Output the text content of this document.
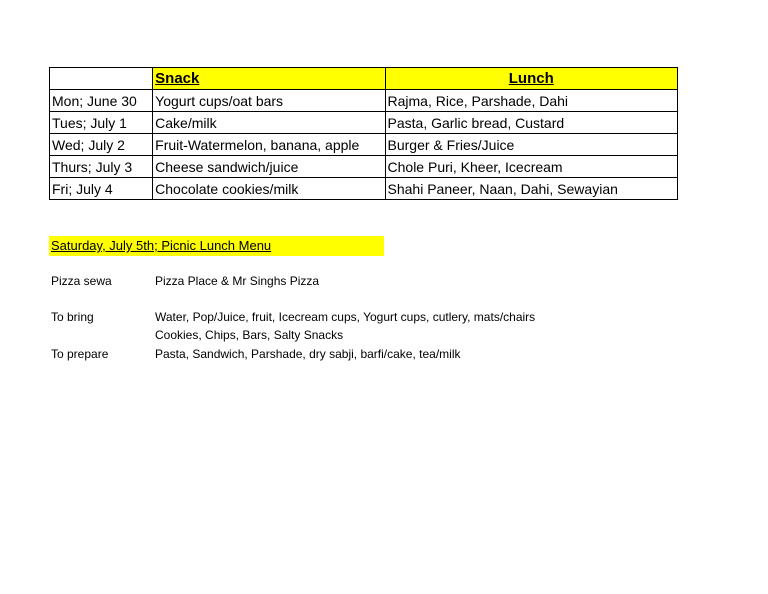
	Snack	Lunch
Mon; June 30	Yogurt cups/oat bars	Rajma, Rice, Parshade, Dahi
Tues; July 1	Cake/milk	Pasta, Garlic bread, Custard
Wed; July 2	Fruit-Watermelon, banana, apple	Burger & Fries/Juice
Thurs; July 3	Cheese sandwich/juice	Chole Puri, Kheer, Icecream
Fri; July 4	Chocolate cookies/milk	Shahi Paneer, Naan, Dahi, Sewayian
Saturday, July 5th; Picnic Lunch Menu
Pizza sewa	Pizza Place & Mr Singhs Pizza
To bring	Water, Pop/Juice, fruit, Icecream cups, Yogurt cups, cutlery, mats/chairs
Cookies, Chips, Bars, Salty Snacks
To prepare	Pasta, Sandwich, Parshade, dry sabji, barfi/cake, tea/milk
